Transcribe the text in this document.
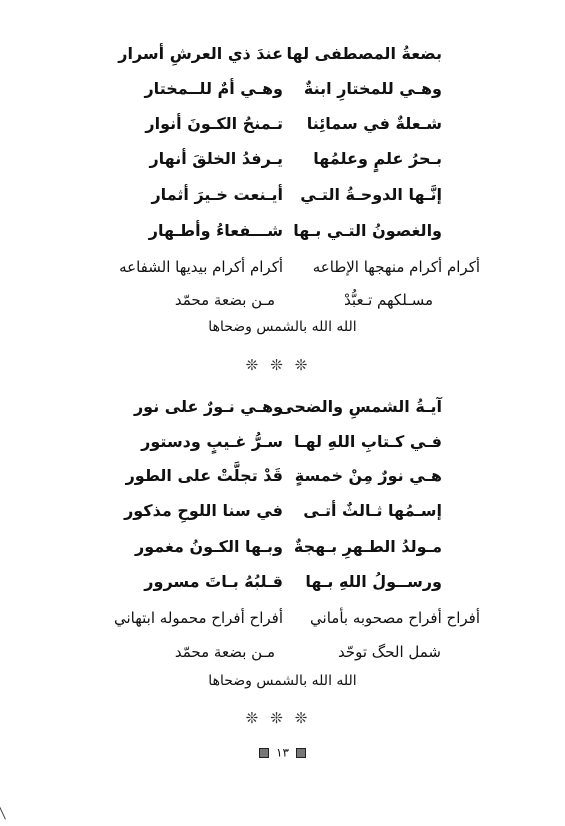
بضعةُ المصطفى لها
عندَ ذي العرشِ أسرار
وهـي للمختارِ ابنةٌ
وهـي أمٌ للــمختار
شـعلةٌ في سمائِنا
تـمنحُ الكـونَ أنوار
بـحرُ علمٍ وعلمُها
يـرفدُ الخلقَ أنهار
إنَّـها الدوحـةُ التـي
أيـنعت خـيرَ أثمار
والغصونُ التـي بـها
شـــفعاءُ وأطـهار
أكرام أكرام منهجها الإطاعه
أكرام أكرام بيديها الشفاعه
مسـلكهم تـعبُّدْ
مـن بضعة محمّد
الله الله بالشمس وضحاها
❊❊❊
آيـةُ الشمسِ والضحى
وهـي نـورٌ على نور
فـي كـتابِ اللهِ لهـا
سـرُّ غـيبٍ ودستور
هـي نورٌ مِنْ خمسةٍ
قَدْ تجلَّتْ على الطور
إسـمُها ثـالثٌ أتـى
في سنا اللوحِ مذكور
مـولدُ الطـهرِ بـهجةٌ
وبـها الكـونُ مغمور
ورســولُ اللهِ بـها
قـلبُهُ بـاتَ مسرور
أفراح أفراح مصحوبه بأماني
أفراح أفراح محموله ابتهاني
شمل الحگ توحّد
مـن بضعة محمّد
الله الله بالشمس وضحاها
❊❊❊
١٣
